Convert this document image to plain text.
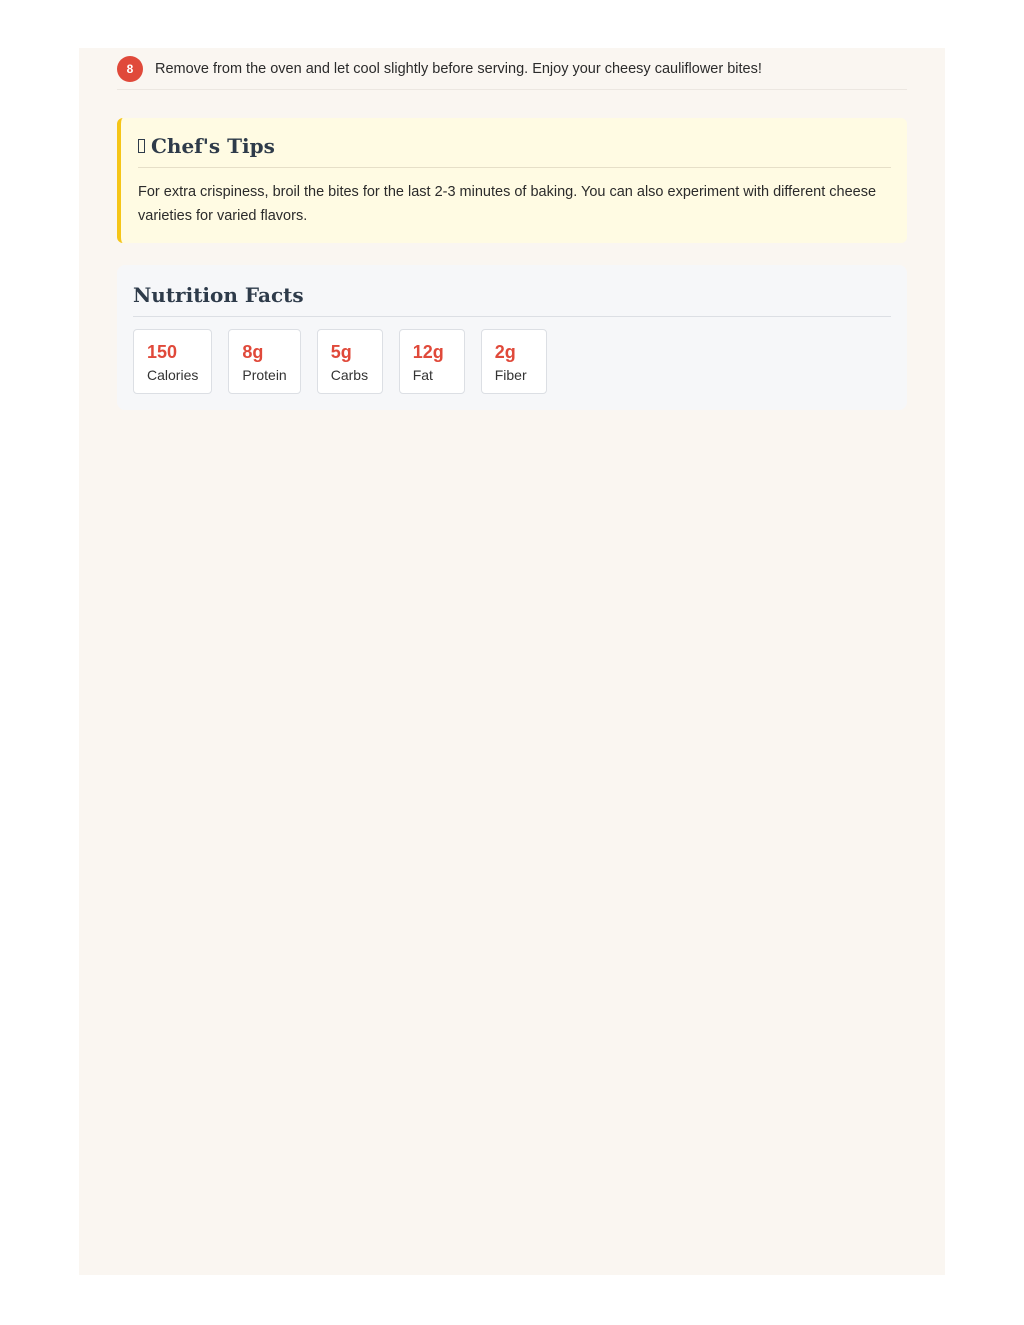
8	Remove from the oven and let cool slightly before serving. Enjoy your cheesy cauliflower bites!
Chef's Tips
For extra crispiness, broil the bites for the last 2-3 minutes of baking. You can also experiment with different cheese varieties for varied flavors.
Nutrition Facts
150
Calories
8g
Protein
5g
Carbs
12g
Fat
2g
Fiber
